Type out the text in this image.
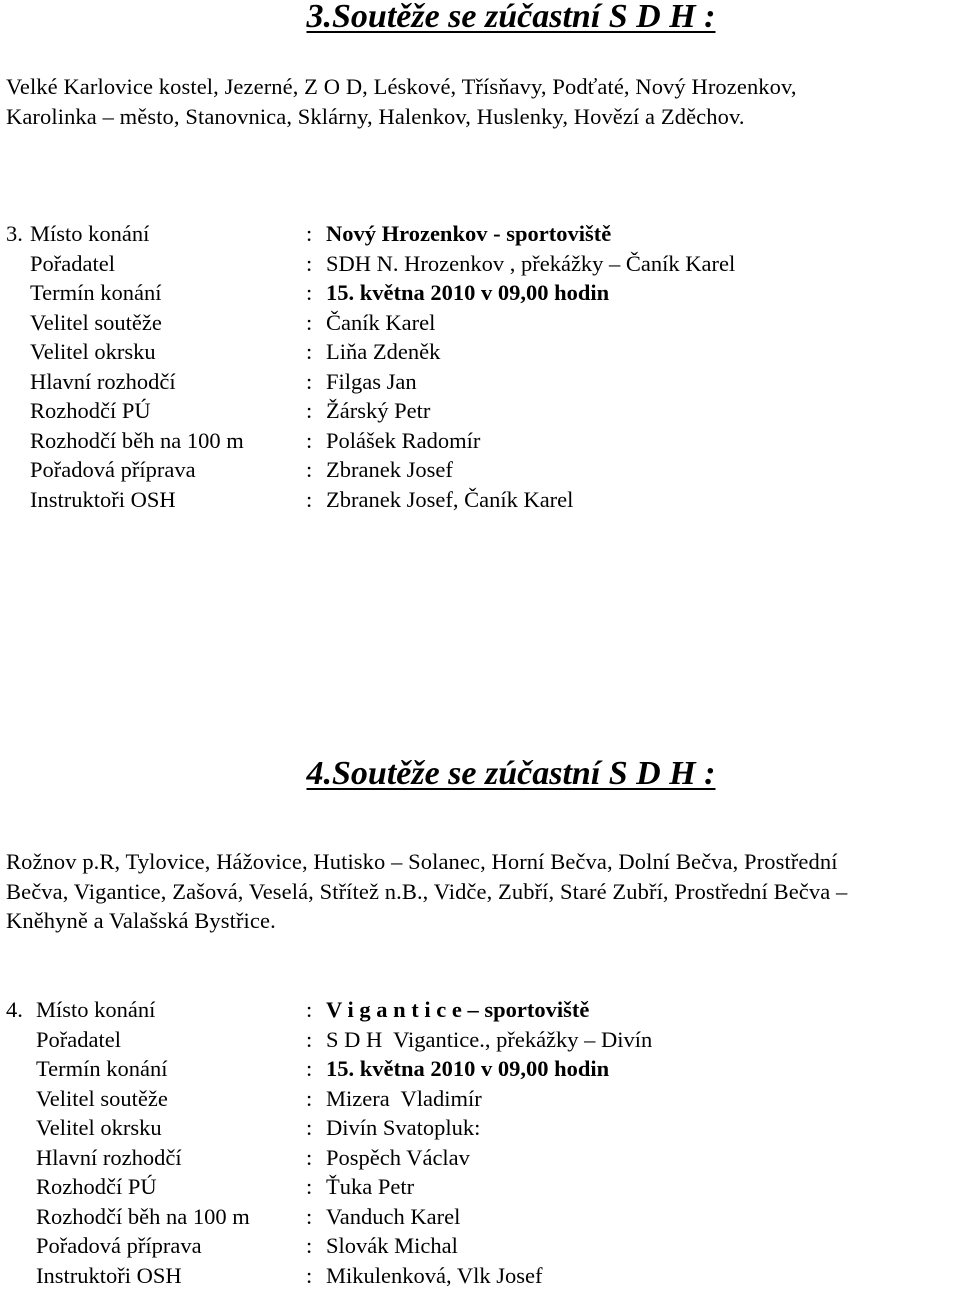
3.Soutěže se zúčastní S D H :
Velké Karlovice kostel, Jezerné, Z O D, Léskové, Třísňavy, Podťaté, Nový Hrozenkov,
Karolinka – město, Stanovnica, Sklárny, Halenkov, Huslenky, Hovězí a Zděchov.
3. Místo konání	: Nový Hrozenkov - sportoviště
Pořadatel	: SDH N. Hrozenkov , překážky – Čaník Karel
Termín konání	: 15. května 2010 v 09,00 hodin
Velitel soutěže	: Čaník Karel
Velitel okrsku	: Liňa Zdeněk
Hlavní rozhodčí	: Filgas Jan
Rozhodčí PÚ	: Žárský Petr
Rozhodčí běh na 100 m	: Polášek Radomír
Pořadová příprava	: Zbranek Josef
Instruktoři OSH	: Zbranek Josef, Čaník Karel
4.Soutěže se zúčastní S D H :
Rožnov p.R, Tylovice, Hážovice, Hutisko – Solanec, Horní Bečva, Dolní Bečva, Prostřední
Bečva, Vigantice, Zašová, Veselá, Střítež n.B., Vidče, Zubří, Staré Zubří, Prostřední Bečva –
Kněhyně a Valašská Bystřice.
4. Místo konání	: V i g a n t i c e – sportoviště
Pořadatel	: S D H  Vigantice., překážky – Divín
Termín konání	: 15. května 2010 v 09,00 hodin
Velitel soutěže	: Mizera  Vladimír
Velitel okrsku	: Divín Svatopluk:
Hlavní rozhodčí	: Pospěch Václav
Rozhodčí PÚ	: Ťuka Petr
Rozhodčí běh na 100 m	: Vanduch Karel
Pořadová příprava	: Slovák Michal
Instruktoři OSH	: Mikulenková, Vlk Josef
